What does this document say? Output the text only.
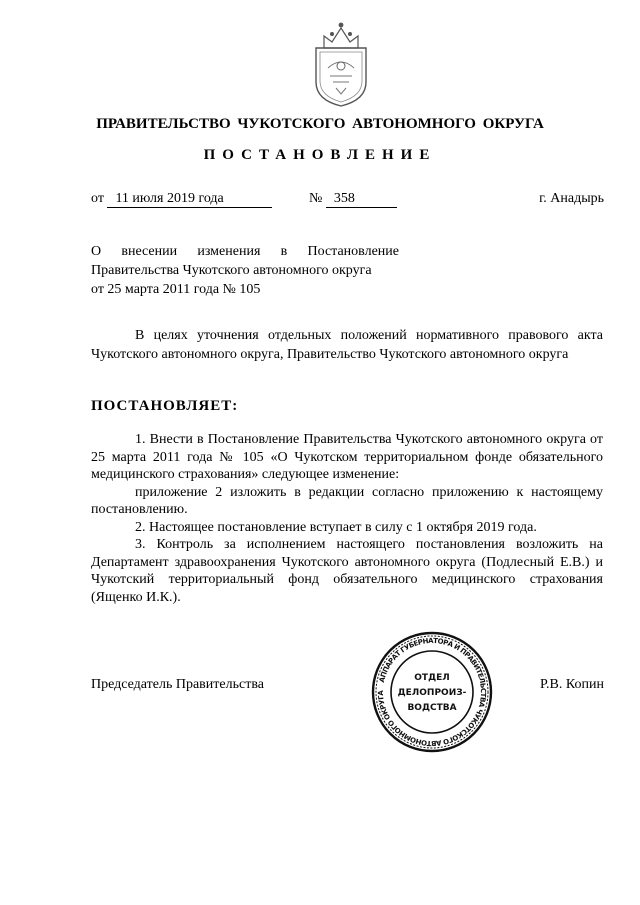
ПРАВИТЕЛЬСТВО ЧУКОТСКОГО АВТОНОМНОГО ОКРУГА
ПОСТАНОВЛЕНИЕ
от 11 июля 2019 года	№ 358	г. Анадырь
О внесении изменения в Постановление
Правительства Чукотского автономного округа
от 25 марта 2011 года № 105
В целях уточнения отдельных положений нормативного правового акта Чукотского автономного округа, Правительство Чукотского автономного округа
ПОСТАНОВЛЯЕТ:

1. Внести в Постановление Правительства Чукотского автономного округа от 25 марта 2011 года № 105 «О Чукотском территориальном фонде обязательного медицинского страхования» следующее изменение:

приложение 2 изложить в редакции согласно приложению к настоящему постановлению.

2. Настоящее постановление вступает в силу с 1 октября 2019 года.

3. Контроль за исполнением настоящего постановления возложить на Департамент здравоохранения Чукотского автономного округа (Подлесный Е.В.) и Чукотский территориальный фонд обязательного медицинского страхования (Ященко И.К.).

Председатель Правительства	Р.В. Копин
АППАРАТ ГУБЕРНАТОРА И ПРАВИТЕЛЬСТВА ЧУКОТСКОГО АВТОНОМНОГО ОКРУГА
ОТДЕЛ
ДЕЛОПРОИЗ-
ВОДСТВА
